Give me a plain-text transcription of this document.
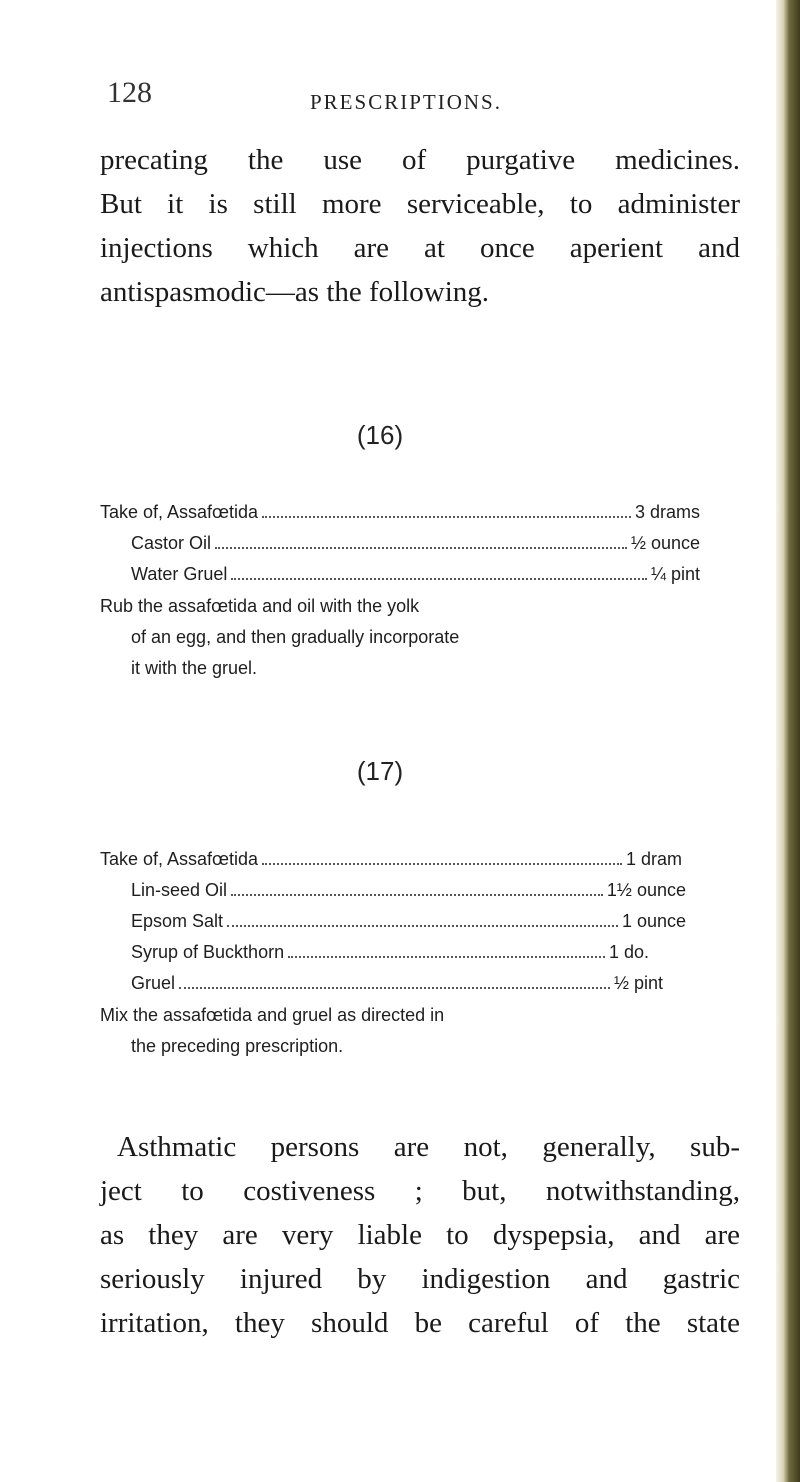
128	PRESCRIPTIONS.
precating the use of purgative medicines.
But it is still more serviceable, to administer
injections which are at once aperient and
antispasmodic—as the following.
(16)
Take of, Assafœtida	3 drams
Castor Oil	½ ounce
Water Gruel	¼ pint
Rub the assafœtida and oil with the yolk
of an egg, and then gradually incorporate
it with the gruel.
(17)
Take of, Assafœtida	1 dram
Lin-seed Oil	1½ ounce
Epsom Salt	1 ounce
Syrup of Buckthorn	1 do.
Gruel	½ pint
Mix the assafœtida and gruel as directed in
the preceding prescription.
Asthmatic persons are not, generally, sub-
ject to costiveness ; but, notwithstanding,
as they are very liable to dyspepsia, and are
seriously injured by indigestion and gastric
irritation, they should be careful of the state
